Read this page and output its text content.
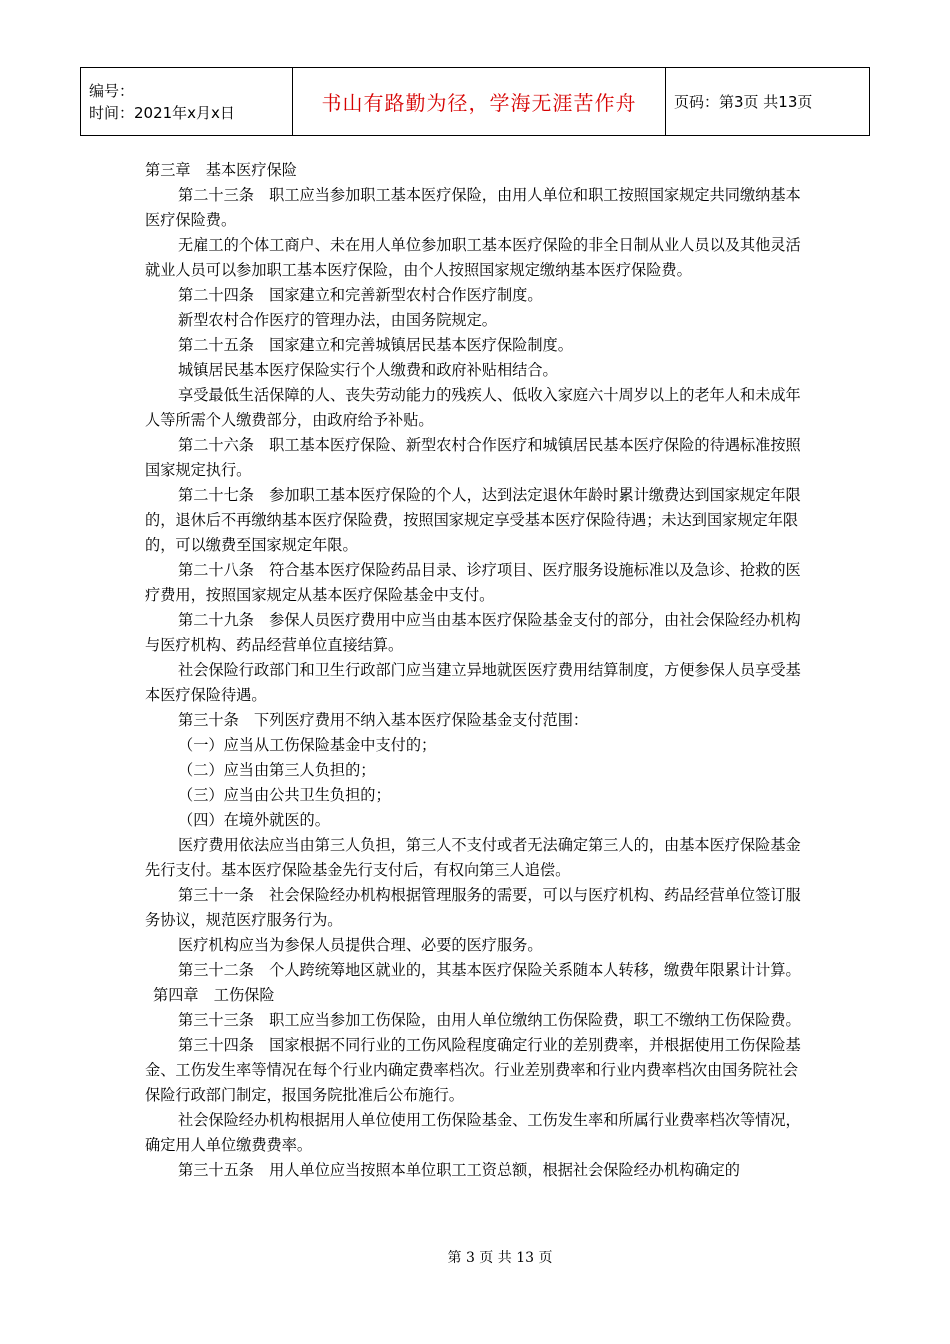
编号：
时间：2021年x月x日	书山有路勤为径，学海无涯苦作舟	页码：第3页 共13页

第三章　基本医疗保险

第二十三条　职工应当参加职工基本医疗保险，由用人单位和职工按照国家规定共同缴纳基本医疗保险费。

无雇工的个体工商户、未在用人单位参加职工基本医疗保险的非全日制从业人员以及其他灵活就业人员可以参加职工基本医疗保险，由个人按照国家规定缴纳基本医疗保险费。

第二十四条　国家建立和完善新型农村合作医疗制度。

新型农村合作医疗的管理办法，由国务院规定。

第二十五条　国家建立和完善城镇居民基本医疗保险制度。

城镇居民基本医疗保险实行个人缴费和政府补贴相结合。

享受最低生活保障的人、丧失劳动能力的残疾人、低收入家庭六十周岁以上的老年人和未成年人等所需个人缴费部分，由政府给予补贴。

第二十六条　职工基本医疗保险、新型农村合作医疗和城镇居民基本医疗保险的待遇标准按照国家规定执行。

第二十七条　参加职工基本医疗保险的个人，达到法定退休年龄时累计缴费达到国家规定年限的，退休后不再缴纳基本医疗保险费，按照国家规定享受基本医疗保险待遇；未达到国家规定年限的，可以缴费至国家规定年限。

第二十八条　符合基本医疗保险药品目录、诊疗项目、医疗服务设施标准以及急诊、抢救的医疗费用，按照国家规定从基本医疗保险基金中支付。

第二十九条　参保人员医疗费用中应当由基本医疗保险基金支付的部分，由社会保险经办机构与医疗机构、药品经营单位直接结算。

社会保险行政部门和卫生行政部门应当建立异地就医医疗费用结算制度，方便参保人员享受基本医疗保险待遇。

第三十条　下列医疗费用不纳入基本医疗保险基金支付范围：

（一）应当从工伤保险基金中支付的；

（二）应当由第三人负担的；

（三）应当由公共卫生负担的；

（四）在境外就医的。

医疗费用依法应当由第三人负担，第三人不支付或者无法确定第三人的，由基本医疗保险基金先行支付。基本医疗保险基金先行支付后，有权向第三人追偿。

第三十一条　社会保险经办机构根据管理服务的需要，可以与医疗机构、药品经营单位签订服务协议，规范医疗服务行为。

医疗机构应当为参保人员提供合理、必要的医疗服务。

第三十二条　个人跨统筹地区就业的，其基本医疗保险关系随本人转移，缴费年限累计计算。

第四章　工伤保险

第三十三条　职工应当参加工伤保险，由用人单位缴纳工伤保险费，职工不缴纳工伤保险费。

第三十四条　国家根据不同行业的工伤风险程度确定行业的差别费率，并根据使用工伤保险基金、工伤发生率等情况在每个行业内确定费率档次。行业差别费率和行业内费率档次由国务院社会保险行政部门制定，报国务院批准后公布施行。

社会保险经办机构根据用人单位使用工伤保险基金、工伤发生率和所属行业费率档次等情况，确定用人单位缴费费率。

第三十五条　用人单位应当按照本单位职工工资总额，根据社会保险经办机构确定的

第 3 页 共 13 页
